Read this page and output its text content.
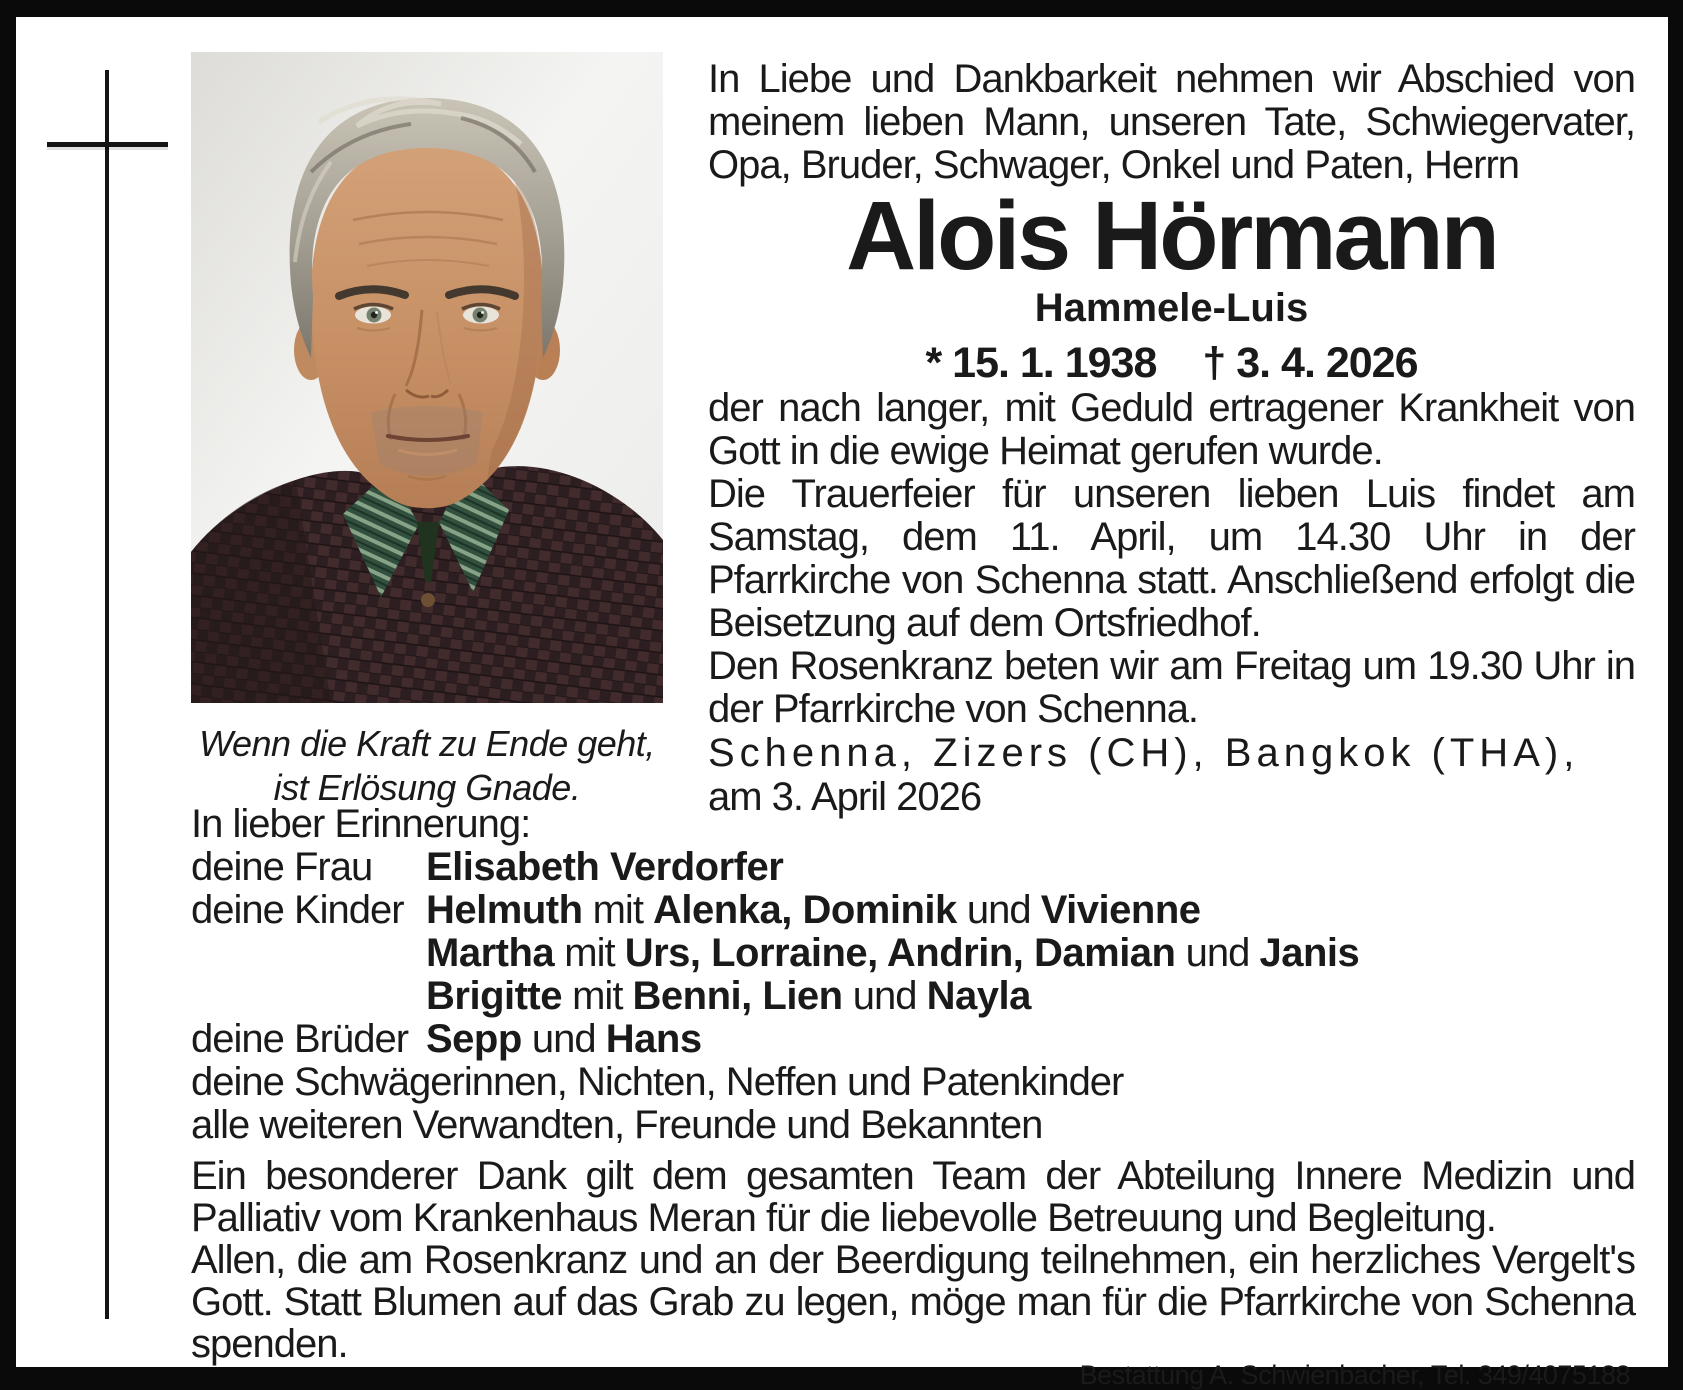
Wenn die Kraft zu Ende geht,

ist Erlösung Gnade.

In Liebe und Dankbarkeit nehmen wir Abschied von meinem lieben Mann, unseren Tate, Schwiegervater, Opa, Bruder, Schwager, Onkel und Paten, Herrn

Alois Hörmann

Hammele-Luis

* 15. 1. 1938 † 3. 4. 2026

der nach langer, mit Geduld ertragener Krankheit von Gott in die ewige Heimat gerufen wurde.

Die Trauerfeier für unseren lieben Luis findet am Samstag, dem 11. April, um 14.30 Uhr in der Pfarrkirche von Schenna statt. Anschließend erfolgt die Beisetzung auf dem Ortsfriedhof.

Den Rosenkranz beten wir am Freitag um 19.30 Uhr in der Pfarrkirche von Schenna.

Schenna, Zizers (CH), Bangkok (THA),

am 3. April 2026

In lieber Erinnerung:

deine Frau	Elisabeth Verdorfer
deine Kinder Helmuth mit Alenka, Dominik und Vivienne
Martha mit Urs, Lorraine, Andrin, Damian und Janis
Brigitte mit Benni, Lien und Nayla
deine Brüder Sepp und Hans

deine Schwägerinnen, Nichten, Neffen und Patenkinder

alle weiteren Verwandten, Freunde und Bekannten

Ein besonderer Dank gilt dem gesamten Team der Abteilung Innere Medizin und Palliativ vom Krankenhaus Meran für die liebevolle Betreuung und Begleitung.

Allen, die am Rosenkranz und an der Beerdigung teilnehmen, ein herzliches Vergelt's Gott. Statt Blumen auf das Grab zu legen, möge man für die Pfarrkirche von Schenna spenden.

Bestattung A. Schwienbacher, Tel. 349/4075188
